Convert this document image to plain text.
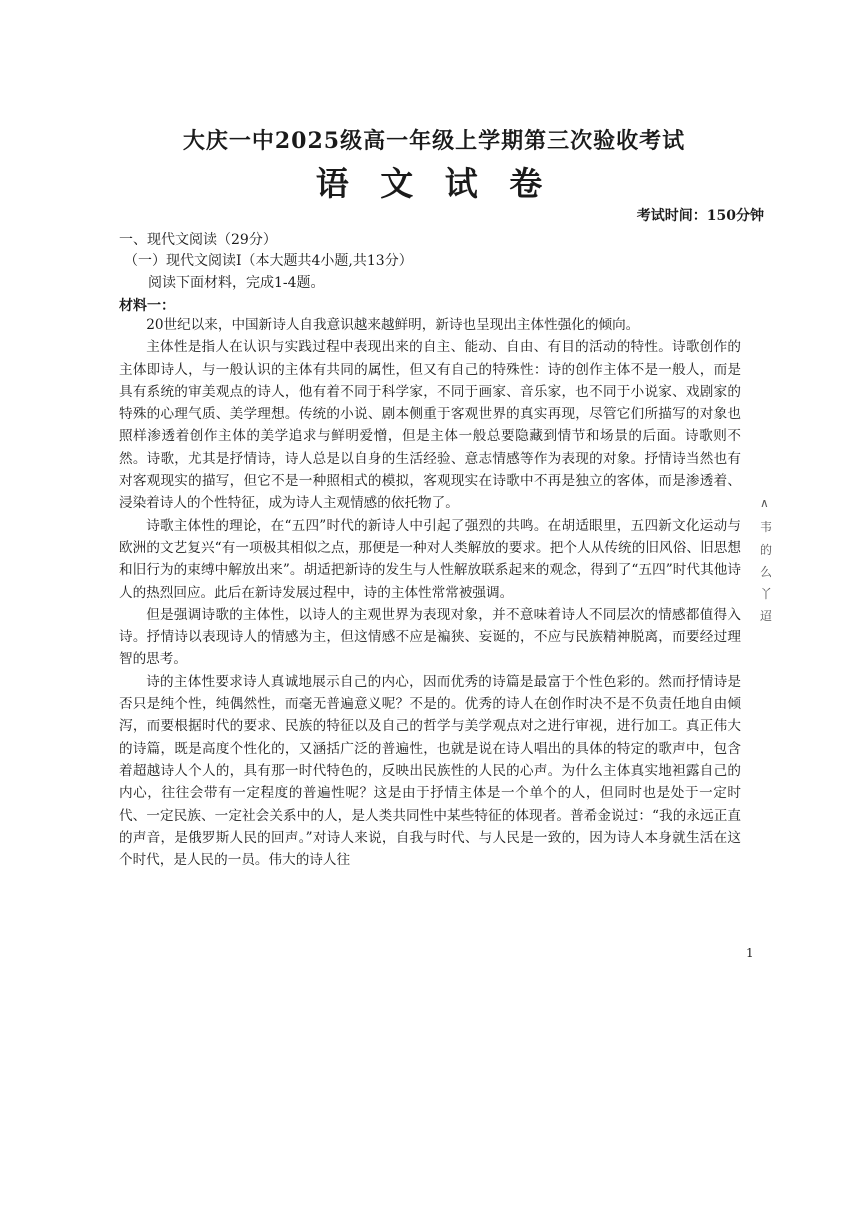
大庆一中2025级高一年级上学期第三次验收考试
语 文 试 卷
考试时间：150分钟
一、现代文阅读（29分）
（一）现代文阅读Ⅰ（本大题共4小题,共13分）
阅读下面材料，完成1-4题。
材料一：

20世纪以来，中国新诗人自我意识越来越鲜明，新诗也呈现出主体性强化的倾向。

主体性是指人在认识与实践过程中表现出来的自主、能动、自由、有目的活动的特性。诗歌创作的主体即诗人，与一般认识的主体有共同的属性，但又有自己的特殊性：诗的创作主体不是一般人，而是具有系统的审美观点的诗人，他有着不同于科学家，不同于画家、音乐家，也不同于小说家、戏剧家的特殊的心理气质、美学理想。传统的小说、剧本侧重于客观世界的真实再现，尽管它们所描写的对象也照样渗透着创作主体的美学追求与鲜明爱憎，但是主体一般总要隐藏到情节和场景的后面。诗歌则不然。诗歌，尤其是抒情诗，诗人总是以自身的生活经验、意志情感等作为表现的对象。抒情诗当然也有对客观现实的描写，但它不是一种照相式的模拟，客观现实在诗歌中不再是独立的客体，而是渗透着、浸染着诗人的个性特征，成为诗人主观情感的依托物了。

诗歌主体性的理论，在“五四”时代的新诗人中引起了强烈的共鸣。在胡适眼里，五四新文化运动与欧洲的文艺复兴“有一项极其相似之点，那便是一种对人类解放的要求。把个人从传统的旧风俗、旧思想和旧行为的束缚中解放出来”。胡适把新诗的发生与人性解放联系起来的观念，得到了“五四”时代其他诗人的热烈回应。此后在新诗发展过程中，诗的主体性常常被强调。

但是强调诗歌的主体性，以诗人的主观世界为表现对象，并不意味着诗人不同层次的情感都值得入诗。抒情诗以表现诗人的情感为主，但这情感不应是褊狭、妄诞的，不应与民族精神脱离，而要经过理智的思考。

诗的主体性要求诗人真诚地展示自己的内心，因而优秀的诗篇是最富于个性色彩的。然而抒情诗是否只是纯个性，纯偶然性，而毫无普遍意义呢？不是的。优秀的诗人在创作时决不是不负责任地自由倾泻，而要根据时代的要求、民族的特征以及自己的哲学与美学观点对之进行审视，进行加工。真正伟大的诗篇，既是高度个性化的，又涵括广泛的普遍性，也就是说在诗人唱出的具体的特定的歌声中，包含着超越诗人个人的，具有那一时代特色的，反映出民族性的人民的心声。为什么主体真实地袒露自己的内心，往往会带有一定程度的普遍性呢？这是由于抒情主体是一个单个的人，但同时也是处于一定时代、一定民族、一定社会关系中的人，是人类共同性中某些特征的体现者。普希金说过：“我的永远正直的声音，是俄罗斯人民的回声。”对诗人来说，自我与时代、与人民是一致的，因为诗人本身就生活在这个时代，是人民的一员。伟大的诗人往

∧
韦
的
么
丫
迢
1
